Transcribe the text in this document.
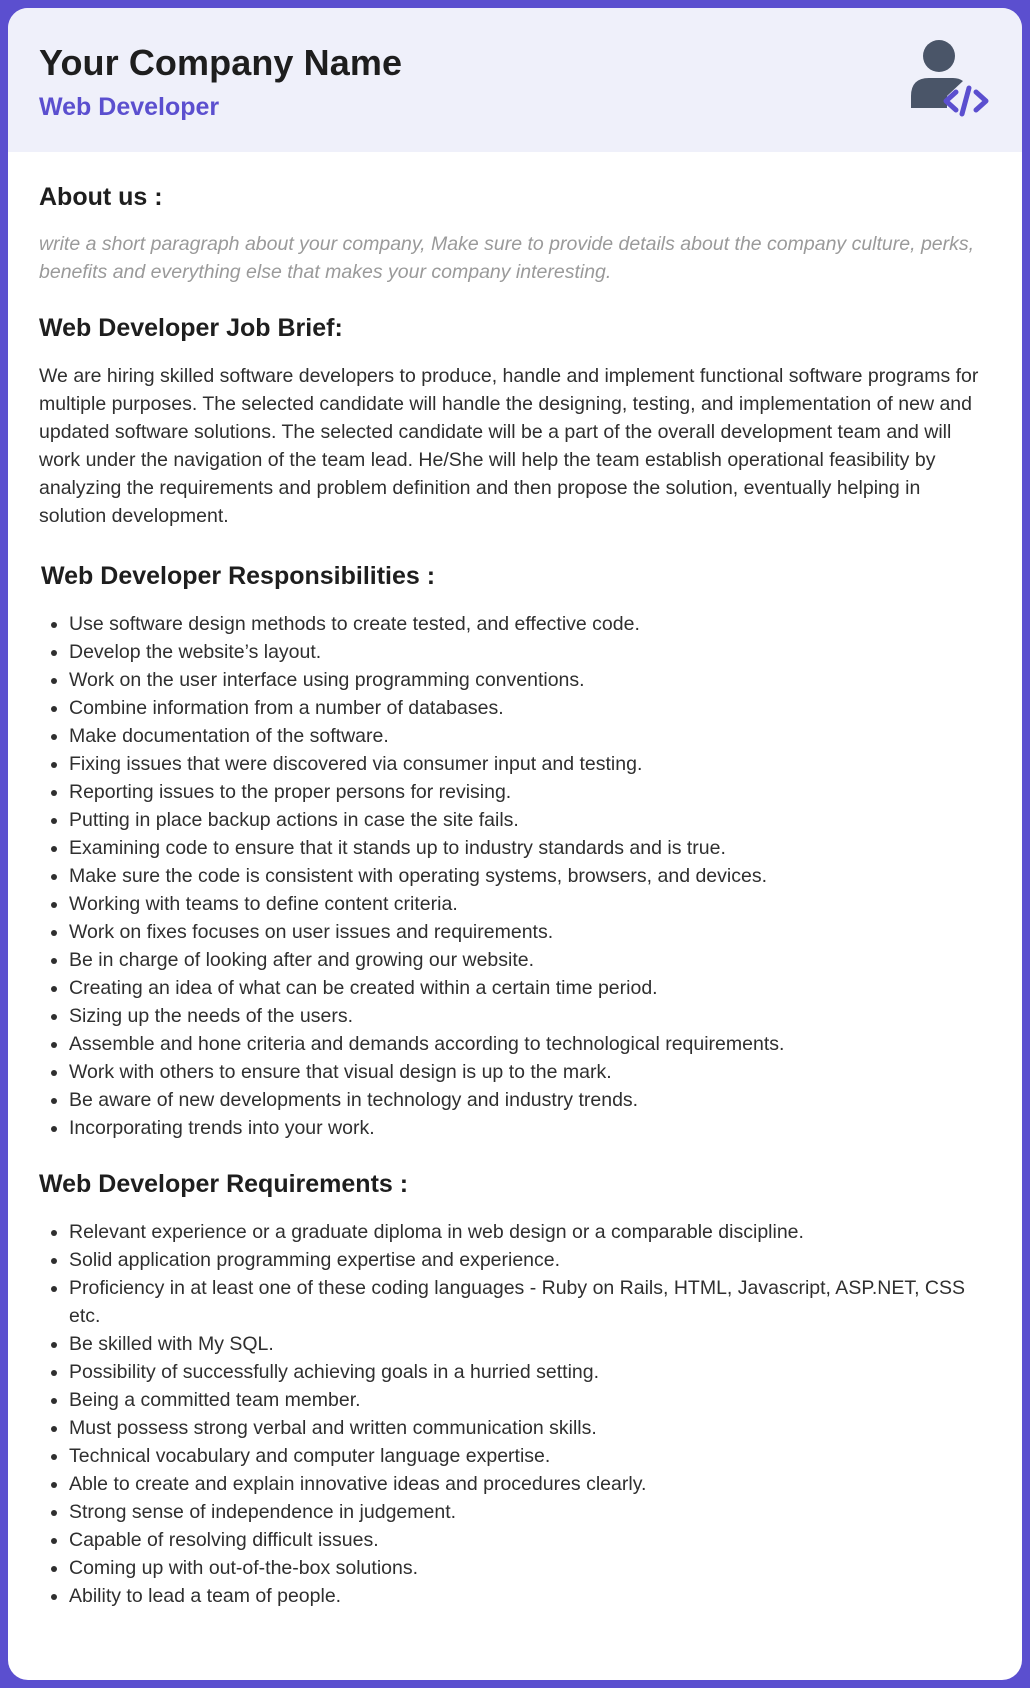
Your Company Name
Web Developer
About us :
write a short paragraph about your company, Make sure to provide details about the company culture, perks, benefits and everything else that makes your company interesting.
Web Developer Job Brief:
We are hiring skilled software developers to produce, handle and implement functional software programs for multiple purposes. The selected candidate will handle the designing, testing, and implementation of new and updated software solutions. The selected candidate will be a part of the overall development team and will work under the navigation of the team lead. He/She will help the team establish operational feasibility by analyzing the requirements and problem definition and then propose the solution, eventually helping in solution development.
Web Developer Responsibilities :
• Use software design methods to create tested, and effective code.
• Develop the website’s layout.
• Work on the user interface using programming conventions.
• Combine information from a number of databases.
• Make documentation of the software.
• Fixing issues that were discovered via consumer input and testing.
• Reporting issues to the proper persons for revising.
• Putting in place backup actions in case the site fails.
• Examining code to ensure that it stands up to industry standards and is true.
• Make sure the code is consistent with operating systems, browsers, and devices.
• Working with teams to define content criteria.
• Work on fixes focuses on user issues and requirements.
• Be in charge of looking after and growing our website.
• Creating an idea of what can be created within a certain time period.
• Sizing up the needs of the users.
• Assemble and hone criteria and demands according to technological requirements.
• Work with others to ensure that visual design is up to the mark.
• Be aware of new developments in technology and industry trends.
• Incorporating trends into your work.
Web Developer Requirements :
• Relevant experience or a graduate diploma in web design or a comparable discipline.
• Solid application programming expertise and experience.
• Proficiency in at least one of these coding languages - Ruby on Rails, HTML, Javascript, ASP.NET, CSS etc.
• Be skilled with My SQL.
• Possibility of successfully achieving goals in a hurried setting.
• Being a committed team member.
• Must possess strong verbal and written communication skills.
• Technical vocabulary and computer language expertise.
• Able to create and explain innovative ideas and procedures clearly.
• Strong sense of independence in judgement.
• Capable of resolving difficult issues.
• Coming up with out-of-the-box solutions.
• Ability to lead a team of people.
